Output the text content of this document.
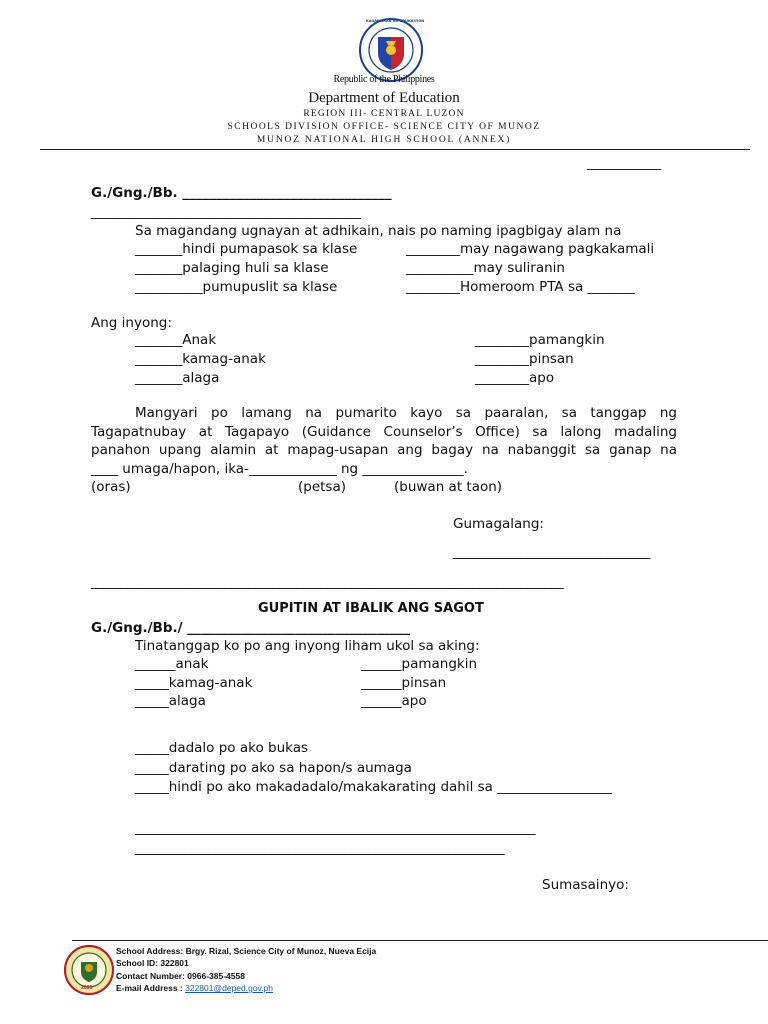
KAGAWARAN NG EDUKASYON
Republic of the Philippines
Department of Education
REGION III- CENTRAL LUZON
SCHOOLS DIVISION OFFICE- SCIENCE CITY OF MUNOZ
MUNOZ NATIONAL HIGH SCHOOL (ANNEX)
___________
G./Gng./Bb. _______________________________
________________________________________
Sa magandang ugnayan at adhikain, nais po naming ipagbigay alam na
_______hindi pumapasok sa klase
_______palaging huli sa klase
__________pumupuslit sa klase
________may nagawang pagkakamali
__________may suliranin
________Homeroom PTA sa _______
Ang inyong:
_______Anak
_______kamag-anak
_______alaga
________pamangkin
________pinsan
________apo
Mangyari po lamang na pumarito kayo sa paaralan, sa tanggap ng
Tagapatnubay at Tagapayo (Guidance Counselor’s Office) sa lalong madaling
panahon upang alamin at mapag-usapan ang bagay na nabanggit sa ganap na
____ umaga/hapon, ika-_____________ ng _______________.
(oras)	(petsa)	(buwan at taon)
Gumagalang:
________________________________
______________________________________________________________________________
GUPITIN AT IBALIK ANG SAGOT
G./Gng./Bb./ _________________________________
Tinatanggap ko po ang inyong liham ukol sa aking:
______anak
_____kamag-anak
_____alaga
______pamangkin
______pinsan
______apo
_____dadalo po ako bukas
_____darating po ako sa hapon/s aumaga
_____hindi po ako makadadalo/makakarating dahil sa _________________
________________________________________________________________
____________________________________________________________
Sumasainyo:
2005
School Address: Brgy. Rizal, Science City of Munoz, Nueva Ecija
School ID: 322801
Contact Number: 0966-385-4558
E-mail Address : 322801@deped.gov.ph
